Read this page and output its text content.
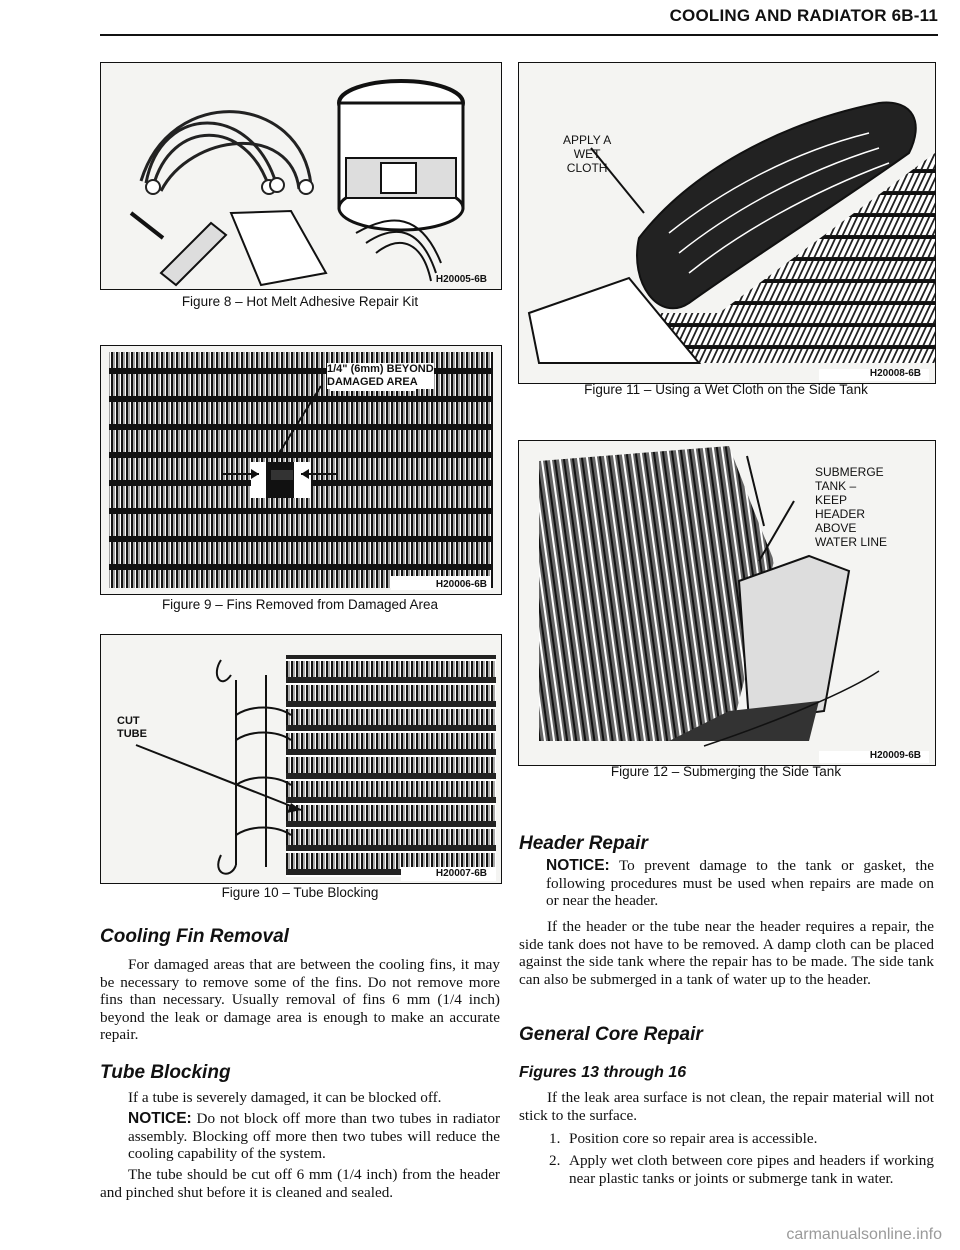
COOLING AND RADIATOR 6B-11
H20005-6B
Figure 8 – Hot Melt Adhesive Repair Kit
1/4" (6mm) BEYOND
DAMAGED AREA
H20006-6B
Figure 9 – Fins Removed from Damaged Area
CUT
TUBE
H20007-6B
Figure 10 – Tube Blocking
APPLY A
WET
CLOTH
H20008-6B
Figure 11 – Using a Wet Cloth on the Side Tank
SUBMERGE
TANK –
KEEP
HEADER
ABOVE
WATER LINE
H20009-6B
Figure 12 – Submerging the Side Tank
Cooling Fin Removal

For damaged areas that are between the cooling fins, it may be necessary to remove some of the fins. Do not remove more fins than necessary. Usually removal of fins 6 mm (1/4 inch) beyond the leak or damage area is enough to make an accurate repair.

Tube Blocking

If a tube is severely damaged, it can be blocked off.

NOTICE: Do not block off more than two tubes in radiator assembly. Blocking off more then two tubes will reduce the cooling capability of the system.

The tube should be cut off 6 mm (1/4 inch) from the header and pinched shut before it is cleaned and sealed.

Header Repair

NOTICE: To prevent damage to the tank or gasket, the following procedures must be used when repairs are made on or near the header.

If the header or the tube near the header requires a repair, the side tank does not have to be removed. A damp cloth can be placed against the side tank where the repair has to be made. The side tank can also be submerged in a tank of water up to the header.

General Core Repair
Figures 13 through 16

If the leak area surface is not clean, the repair material will not stick to the surface.

1. Position core so repair area is accessible.
2. Apply wet cloth between core pipes and headers if working near plastic tanks or joints or submerge tank in water.
carmanualsonline.info
